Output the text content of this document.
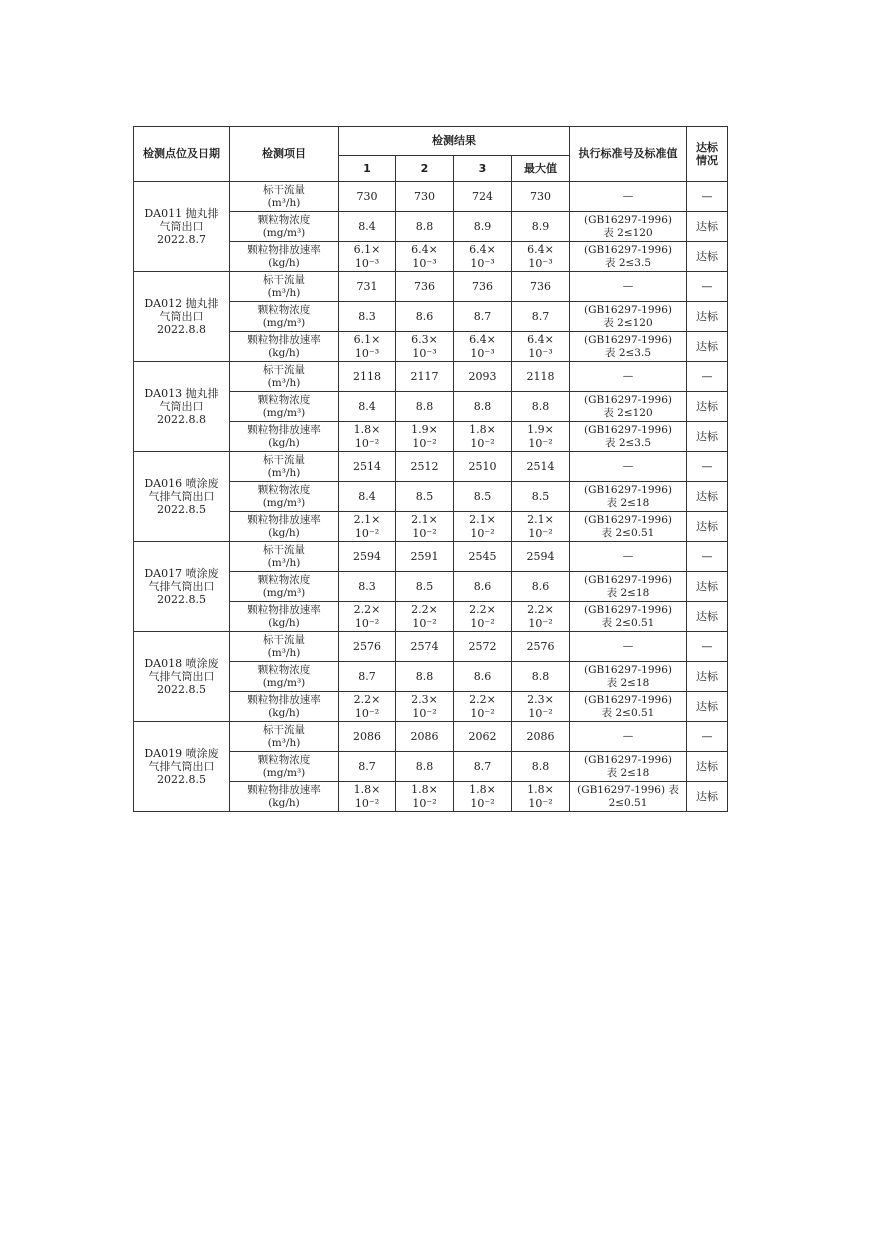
检测点位及日期	检测项目	检测结果				执行标准号及标准值	达标
情况
		1	2	3	最大值		
DA011 抛丸排
气筒出口
2022.8.7	标干流量
(m³/h)	730	730	724	730	—	—
	颗粒物浓度
(mg/m³)	8.4	8.8	8.9	8.9	(GB16297-1996)
表 2≤120	达标
	颗粒物排放速率
(kg/h)	6.1×
10⁻³	6.4×
10⁻³	6.4×
10⁻³	6.4×
10⁻³	(GB16297-1996)
表 2≤3.5	达标
DA012 抛丸排
气筒出口
2022.8.8	标干流量
(m³/h)	731	736	736	736	—	—
	颗粒物浓度
(mg/m³)	8.3	8.6	8.7	8.7	(GB16297-1996)
表 2≤120	达标
	颗粒物排放速率
(kg/h)	6.1×
10⁻³	6.3×
10⁻³	6.4×
10⁻³	6.4×
10⁻³	(GB16297-1996)
表 2≤3.5	达标
DA013 抛丸排
气筒出口
2022.8.8	标干流量
(m³/h)	2118	2117	2093	2118	—	—
	颗粒物浓度
(mg/m³)	8.4	8.8	8.8	8.8	(GB16297-1996)
表 2≤120	达标
	颗粒物排放速率
(kg/h)	1.8×
10⁻²	1.9×
10⁻²	1.8×
10⁻²	1.9×
10⁻²	(GB16297-1996)
表 2≤3.5	达标
DA016 喷涂废
气排气筒出口
2022.8.5	标干流量
(m³/h)	2514	2512	2510	2514	—	—
	颗粒物浓度
(mg/m³)	8.4	8.5	8.5	8.5	(GB16297-1996)
表 2≤18	达标
	颗粒物排放速率
(kg/h)	2.1×
10⁻²	2.1×
10⁻²	2.1×
10⁻²	2.1×
10⁻²	(GB16297-1996)
表 2≤0.51	达标
DA017 喷涂废
气排气筒出口
2022.8.5	标干流量
(m³/h)	2594	2591	2545	2594	—	—
	颗粒物浓度
(mg/m³)	8.3	8.5	8.6	8.6	(GB16297-1996)
表 2≤18	达标
	颗粒物排放速率
(kg/h)	2.2×
10⁻²	2.2×
10⁻²	2.2×
10⁻²	2.2×
10⁻²	(GB16297-1996)
表 2≤0.51	达标
DA018 喷涂废
气排气筒出口
2022.8.5	标干流量
(m³/h)	2576	2574	2572	2576	—	—
	颗粒物浓度
(mg/m³)	8.7	8.8	8.6	8.8	(GB16297-1996)
表 2≤18	达标
	颗粒物排放速率
(kg/h)	2.2×
10⁻²	2.3×
10⁻²	2.2×
10⁻²	2.3×
10⁻²	(GB16297-1996)
表 2≤0.51	达标
DA019 喷涂废
气排气筒出口
2022.8.5	标干流量
(m³/h)	2086	2086	2062	2086	—	—
	颗粒物浓度
(mg/m³)	8.7	8.8	8.7	8.8	(GB16297-1996)
表 2≤18	达标
	颗粒物排放速率
(kg/h)	1.8×
10⁻²	1.8×
10⁻²	1.8×
10⁻²	1.8×
10⁻²	(GB16297-1996) 表
2≤0.51	达标
